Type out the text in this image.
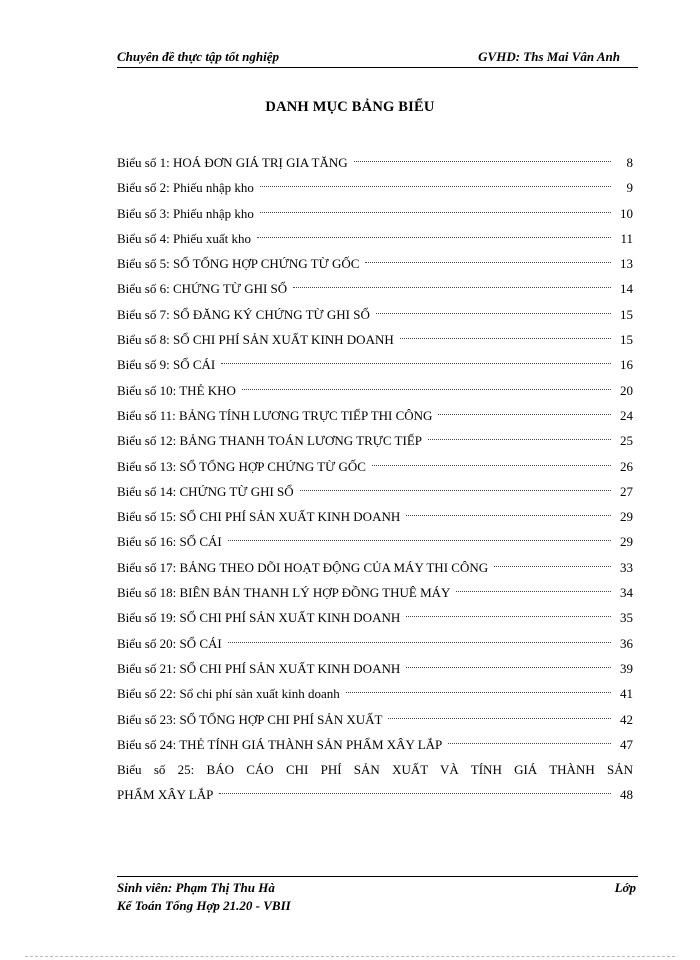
Chuyên đề thực tập tốt nghiệp	GVHD: Ths Mai Vân Anh
DANH MỤC BẢNG BIỂU
Biểu số 1: HOÁ ĐƠN GIÁ TRỊ GIA TĂNG	8
Biểu số 2: Phiếu nhập kho	9
Biểu số 3: Phiếu nhập kho	10
Biểu số 4: Phiếu xuất kho	11
Biểu số 5: SỔ TỔNG HỢP CHỨNG TỪ GỐC	13
Biểu số 6: CHỨNG TỪ GHI SỔ	14
Biểu số 7: SỔ ĐĂNG KÝ CHỨNG TỪ GHI SỔ	15
Biểu số 8: SỔ CHI PHÍ SẢN XUẤT KINH DOANH	15
Biểu số 9: SỔ CÁI	16
Biểu số 10: THẺ KHO	20
Biểu số 11: BẢNG TÍNH LƯƠNG TRỰC TIẾP THI CÔNG	24
Biểu số 12: BẢNG THANH TOÁN LƯƠNG TRỰC TIẾP	25
Biểu số 13: SỔ TỔNG HỢP CHỨNG TỪ GỐC	26
Biểu số 14: CHỨNG TỪ GHI SỔ	27
Biểu số 15: SỔ CHI PHÍ SẢN XUẤT KINH DOANH	29
Biểu số 16: SỔ CÁI	29
Biểu số 17: BẢNG THEO DÕI HOẠT ĐỘNG CỦA MÁY THI CÔNG	33
Biểu số 18: BIÊN BẢN THANH LÝ HỢP ĐỒNG THUÊ MÁY	34
Biểu số 19: SỔ CHI PHÍ SẢN XUẤT KINH DOANH	35
Biểu số 20: SỔ CÁI	36
Biểu số 21: SỔ CHI PHÍ SẢN XUẤT KINH DOANH	39
Biểu số 22: Sổ chi phí sản xuất kinh doanh	41
Biểu số 23: SỔ TỔNG HỢP CHI PHÍ SẢN XUẤT	42
Biểu số 24: THẺ TÍNH GIÁ THÀNH SẢN PHẨM XÂY LẮP	47
Biểu số 25: BÁO CÁO CHI PHÍ SẢN XUẤT VÀ TÍNH GIÁ THÀNH SẢN
PHẨM XÂY LẮP	48
Sinh viên: Phạm Thị Thu Hà	Lớp
Kế Toán Tổng Hợp 21.20 - VBII
